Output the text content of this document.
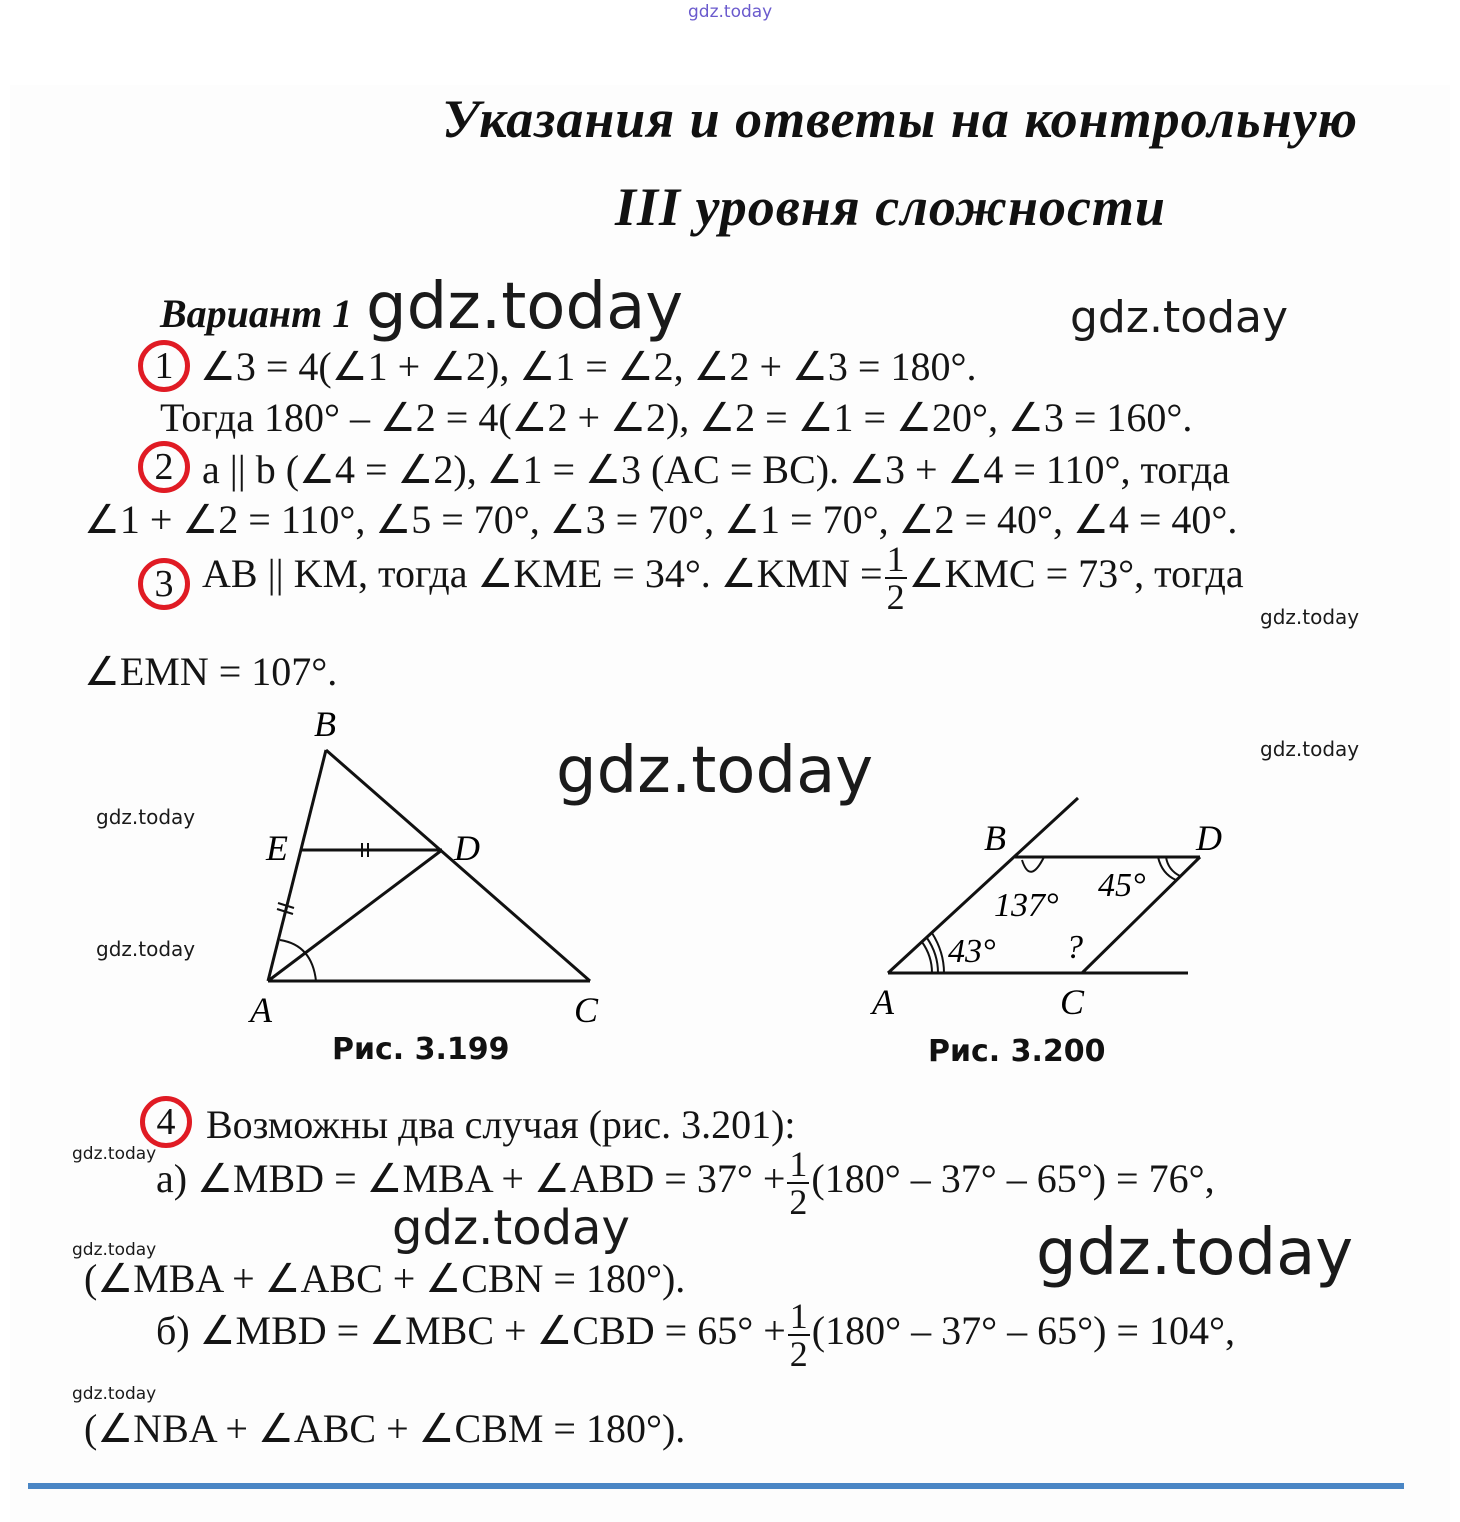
gdz.today
Указания и ответы на контрольную
III уровня сложности
Вариант 1
1 ∠3 = 4(∠1 + ∠2), ∠1 = ∠2, ∠2 + ∠3 = 180°.
Тогда 180° – ∠2 = 4(∠2 + ∠2), ∠2 = ∠1 = ∠20°, ∠3 = 160°.
2 a || b (∠4 = ∠2), ∠1 = ∠3 (AC = BC). ∠3 + ∠4 = 110°, тогда
∠1 + ∠2 = 110°, ∠5 = 70°, ∠3 = 70°, ∠1 = 70°, ∠2 = 40°, ∠4 = 40°.
3 AB || KM, тогда ∠KME = 34°. ∠KMN = $\frac{1}{2}$ ∠KMC = 73°, тогда
∠EMN = 107°.
B
E	D
A	C
Рис. 3.199
B	D
A	C
137°
45°
43° ?
Рис. 3.200
4 Возможны два случая (рис. 3.201):
а) ∠MBD = ∠MBA + ∠ABD = $37^\circ + \frac{1}{2} (180^\circ - 37^\circ - 65^\circ) = 76^\circ$,
(∠MBA + ∠ABC + ∠CBN = 180°).
б) ∠MBD = ∠MBC + ∠CBD = $65^\circ + \frac{1}{2} (180^\circ - 37^\circ - 65^\circ) = 104^\circ$,
(∠NBA + ∠ABC + ∠CBM = 180°).
gdz.today	gdz.today
gdz.today
gdz.today	gdz.today
gdz.today
gdz.today
gdz.today
gdz.today
gdz.today	gdz.today
gdz.today
